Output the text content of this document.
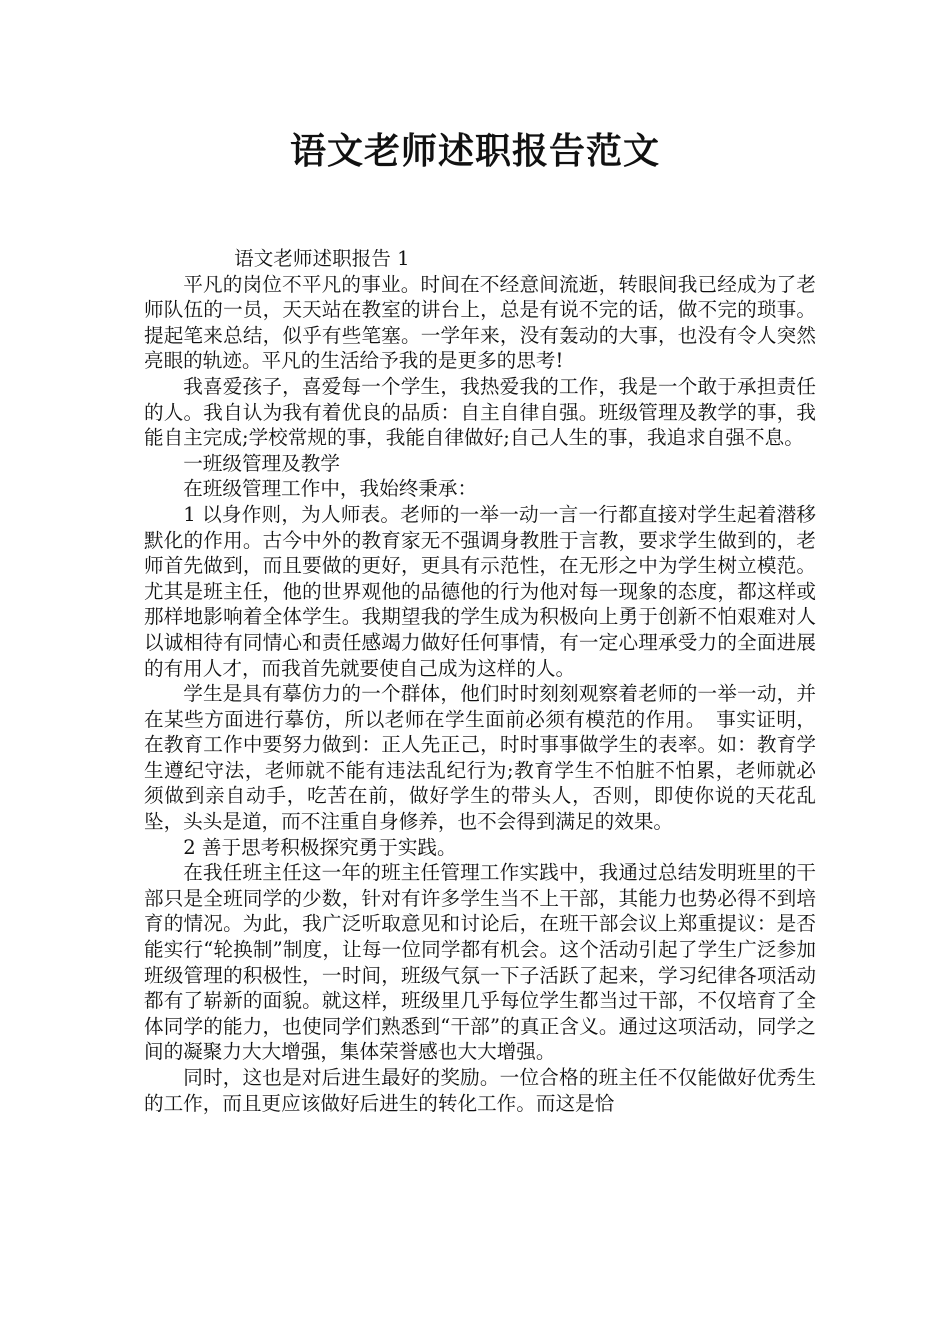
语文老师述职报告范文

语文老师述职报告 1

平凡的岗位不平凡的事业。时间在不经意间流逝，转眼间我已经成为了老师队伍的一员，天天站在教室的讲台上，总是有说不完的话，做不完的琐事。提起笔来总结，似乎有些笔塞。一学年来，没有轰动的大事，也没有令人突然亮眼的轨迹。平凡的生活给予我的是更多的思考!

我喜爱孩子，喜爱每一个学生，我热爱我的工作，我是一个敢于承担责任的人。我自认为我有着优良的品质：自主自律自强。班级管理及教学的事，我能自主完成;学校常规的事，我能自律做好;自己人生的事，我追求自强不息。

一班级管理及教学

在班级管理工作中，我始终秉承：

1 以身作则，为人师表。老师的一举一动一言一行都直接对学生起着潜移默化的作用。古今中外的教育家无不强调身教胜于言教，要求学生做到的，老师首先做到，而且要做的更好，更具有示范性，在无形之中为学生树立模范。尤其是班主任，他的世界观他的品德他的行为他对每一现象的态度，都这样或那样地影响着全体学生。我期望我的学生成为积极向上勇于创新不怕艰难对人以诚相待有同情心和责任感竭力做好任何事情，有一定心理承受力的全面进展的有用人才，而我首先就要使自己成为这样的人。

学生是具有摹仿力的一个群体，他们时时刻刻观察着老师的一举一动，并在某些方面进行摹仿，所以老师在学生面前必须有模范的作用。　事实证明，在教育工作中要努力做到：正人先正己，时时事事做学生的表率。如：教育学生遵纪守法，老师就不能有违法乱纪行为;教育学生不怕脏不怕累，老师就必须做到亲自动手，吃苦在前，做好学生的带头人，否则，即使你说的天花乱坠，头头是道，而不注重自身修养，也不会得到满足的效果。

2 善于思考积极探究勇于实践。

在我任班主任这一年的班主任管理工作实践中，我通过总结发明班里的干部只是全班同学的少数，针对有许多学生当不上干部，其能力也势必得不到培育的情况。为此，我广泛听取意见和讨论后，在班干部会议上郑重提议：是否能实行“轮换制”制度，让每一位同学都有机会。这个活动引起了学生广泛参加班级管理的积极性，一时间，班级气氛一下子活跃了起来，学习纪律各项活动都有了崭新的面貌。就这样，班级里几乎每位学生都当过干部，不仅培育了全体同学的能力，也使同学们熟悉到“干部”的真正含义。通过这项活动，同学之间的凝聚力大大增强，集体荣誉感也大大增强。

同时，这也是对后进生最好的奖励。一位合格的班主任不仅能做好优秀生的工作，而且更应该做好后进生的转化工作。而这是恰
